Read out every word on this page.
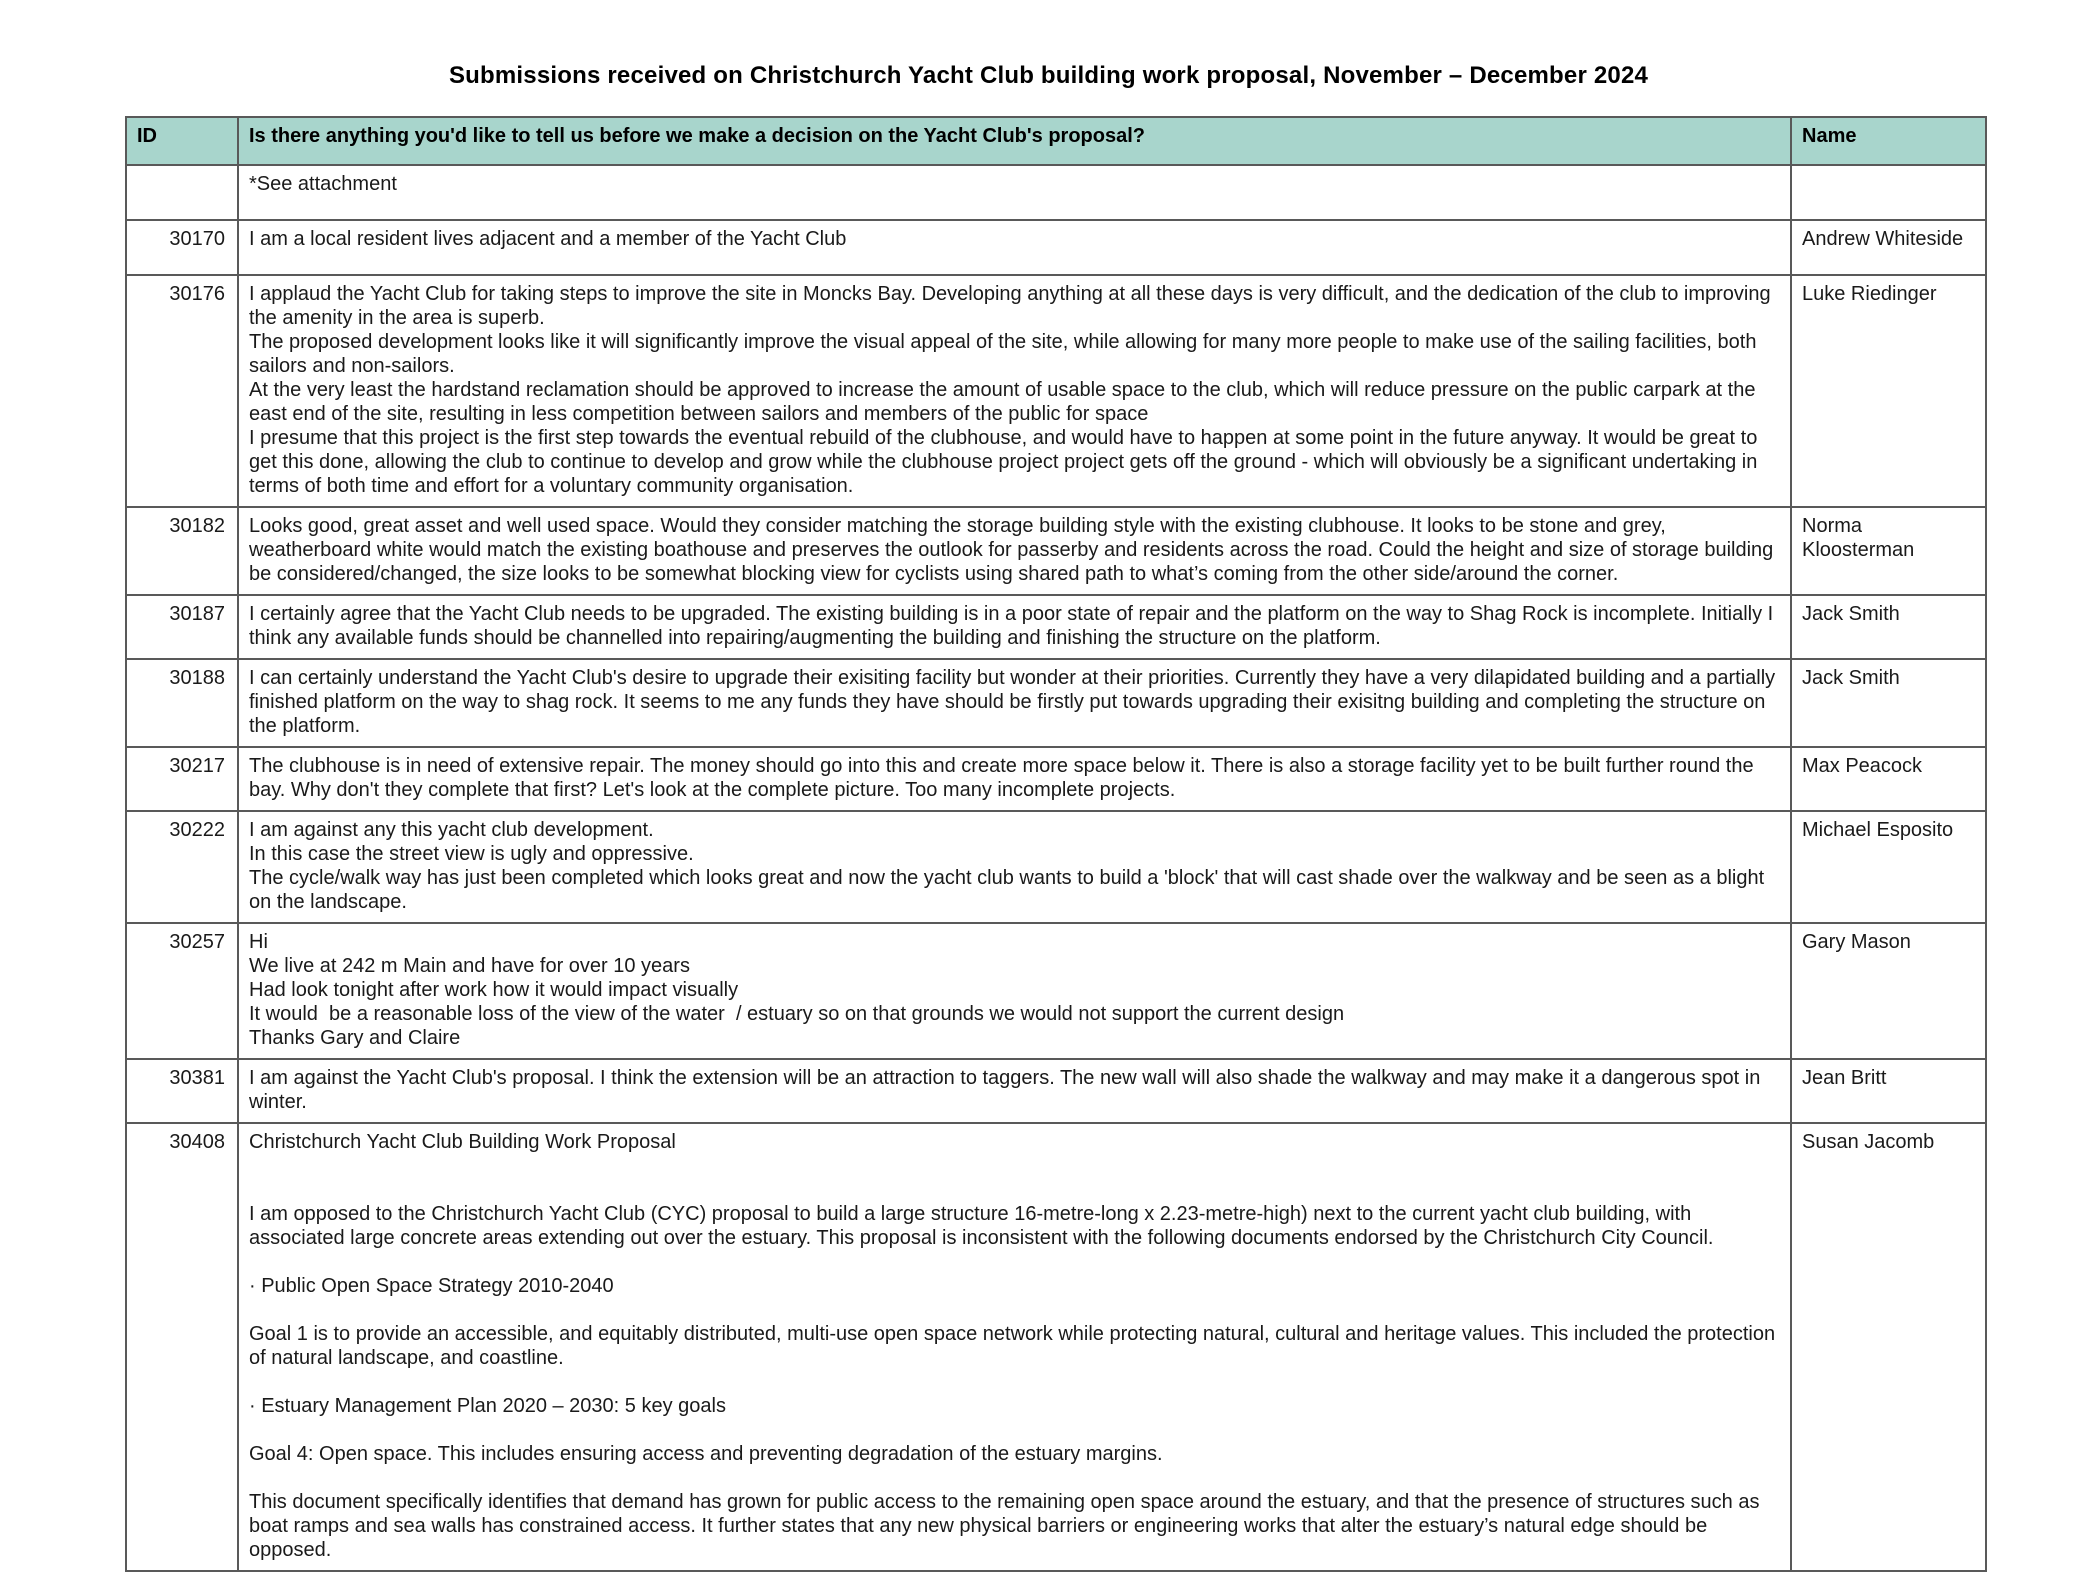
Submissions received on Christchurch Yacht Club building work proposal, November – December 2024
ID	Is there anything you'd like to tell us before we make a decision on the Yacht Club's proposal?	Name

	*See attachment	

30170	I am a local resident lives adjacent and a member of the Yacht Club	Andrew Whiteside
30176	I applaud the Yacht Club for taking steps to improve the site in Moncks Bay. Developing anything at all these days is very difficult, and the dedication of the club to improving the amenity in the area is superb.
The proposed development looks like it will significantly improve the visual appeal of the site, while allowing for many more people to make use of the sailing facilities, both sailors and non-sailors.
At the very least the hardstand reclamation should be approved to increase the amount of usable space to the club, which will reduce pressure on the public carpark at the east end of the site, resulting in less competition between sailors and members of the public for space
I presume that this project is the first step towards the eventual rebuild of the clubhouse, and would have to happen at some point in the future anyway. It would be great to get this done, allowing the club to continue to develop and grow while the clubhouse project project gets off the ground - which will obviously be a significant undertaking in terms of both time and effort for a voluntary community organisation.	Luke Riedinger
30182	Looks good, great asset and well used space. Would they consider matching the storage building style with the existing clubhouse. It looks to be stone and grey, weatherboard white would match the existing boathouse and preserves the outlook for passerby and residents across the road. Could the height and size of storage building be considered/changed, the size looks to be somewhat blocking view for cyclists using shared path to what’s coming from the other side/around the corner.	Norma Kloosterman
30187	I certainly agree that the Yacht Club needs to be upgraded. The existing building is in a poor state of repair and the platform on the way to Shag Rock is incomplete. Initially I think any available funds should be channelled into repairing/augmenting the building and finishing the structure on the platform.	Jack Smith
30188	I can certainly understand the Yacht Club's desire to upgrade their exisiting facility but wonder at their priorities. Currently they have a very dilapidated building and a partially finished platform on the way to shag rock. It seems to me any funds they have should be firstly put towards upgrading their exisitng building and completing the structure on the platform.	Jack Smith
30217	The clubhouse is in need of extensive repair. The money should go into this and create more space below it. There is also a storage facility yet to be built further round the bay. Why don't they complete that first? Let's look at the complete picture. Too many incomplete projects.	Max Peacock
30222	I am against any this yacht club development.
In this case the street view is ugly and oppressive.
The cycle/walk way has just been completed which looks great and now the yacht club wants to build a 'block' that will cast shade over the walkway and be seen as a blight on the landscape.	Michael Esposito
30257	Hi
We live at 242 m Main and have for over 10 years
Had look tonight after work how it would impact visually
It would  be a reasonable loss of the view of the water  / estuary so on that grounds we would not support the current design
Thanks Gary and Claire	Gary Mason
30381	I am against the Yacht Club's proposal. I think the extension will be an attraction to taggers. The new wall will also shade the walkway and may make it a dangerous spot in winter.	Jean Britt
30408	Christchurch Yacht Club Building Work Proposal
I am opposed to the Christchurch Yacht Club (CYC) proposal to build a large structure 16-metre-long x 2.23-metre-high) next to the current yacht club building, with associated large concrete areas extending out over the estuary. This proposal is inconsistent with the following documents endorsed by the Christchurch City Council.
· Public Open Space Strategy 2010-2040
Goal 1 is to provide an accessible, and equitably distributed, multi-use open space network while protecting natural, cultural and heritage values. This included the protection of natural landscape, and coastline.
· Estuary Management Plan 2020 – 2030: 5 key goals
Goal 4: Open space. This includes ensuring access and preventing degradation of the estuary margins.
This document specifically identifies that demand has grown for public access to the remaining open space around the estuary, and that the presence of structures such as boat ramps and sea walls has constrained access. It further states that any new physical barriers or engineering works that alter the estuary’s natural edge should be opposed.
	Susan Jacomb
